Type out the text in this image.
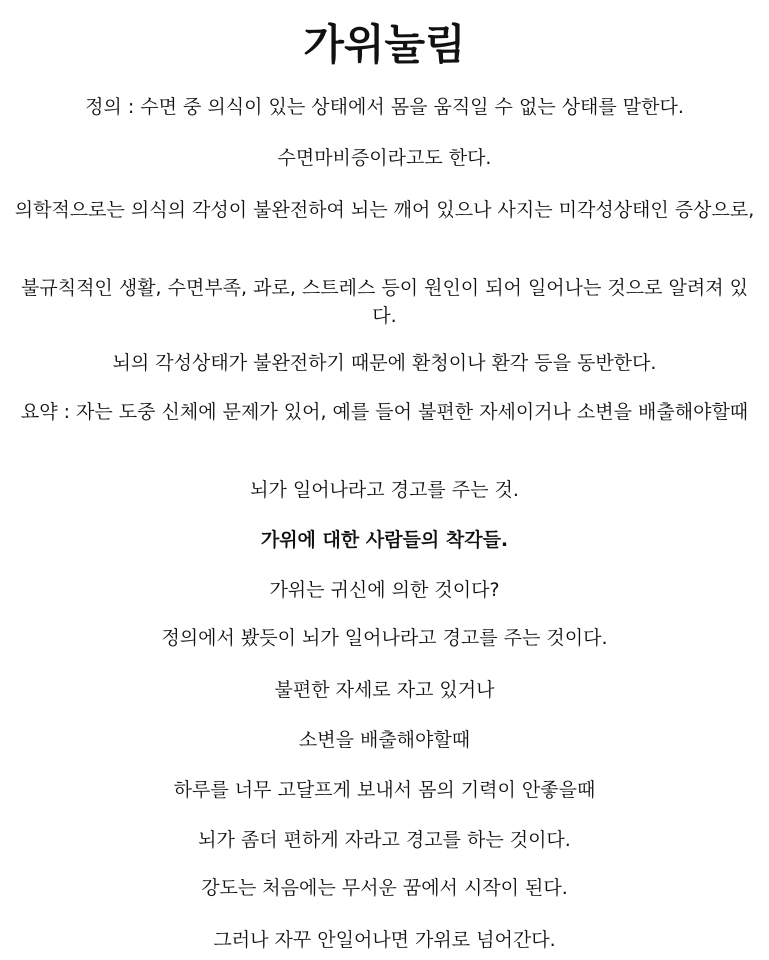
가위눌림
정의 : 수면 중 의식이 있는 상태에서 몸을 움직일 수 없는 상태를 말한다.
수면마비증이라고도 한다.
의학적으로는 의식의 각성이 불완전하여 뇌는 깨어 있으나 사지는 미각성상태인 증상으로,
불규칙적인 생활, 수면부족, 과로, 스트레스 등이 원인이 되어 일어나는 것으로 알려져 있다.
뇌의 각성상태가 불완전하기 때문에 환청이나 환각 등을 동반한다.
요약 : 자는 도중 신체에 문제가 있어, 예를 들어 불편한 자세이거나 소변을 배출해야할때
뇌가 일어나라고 경고를 주는 것.
가위에 대한 사람들의 착각들.
가위는 귀신에 의한 것이다?
정의에서 봤듯이 뇌가 일어나라고 경고를 주는 것이다.
불편한 자세로 자고 있거나
소변을 배출해야할때
하루를 너무 고달프게 보내서 몸의 기력이 안좋을때
뇌가 좀더 편하게 자라고 경고를 하는 것이다.
강도는 처음에는 무서운 꿈에서 시작이 된다.
그러나 자꾸 안일어나면 가위로 넘어간다.
